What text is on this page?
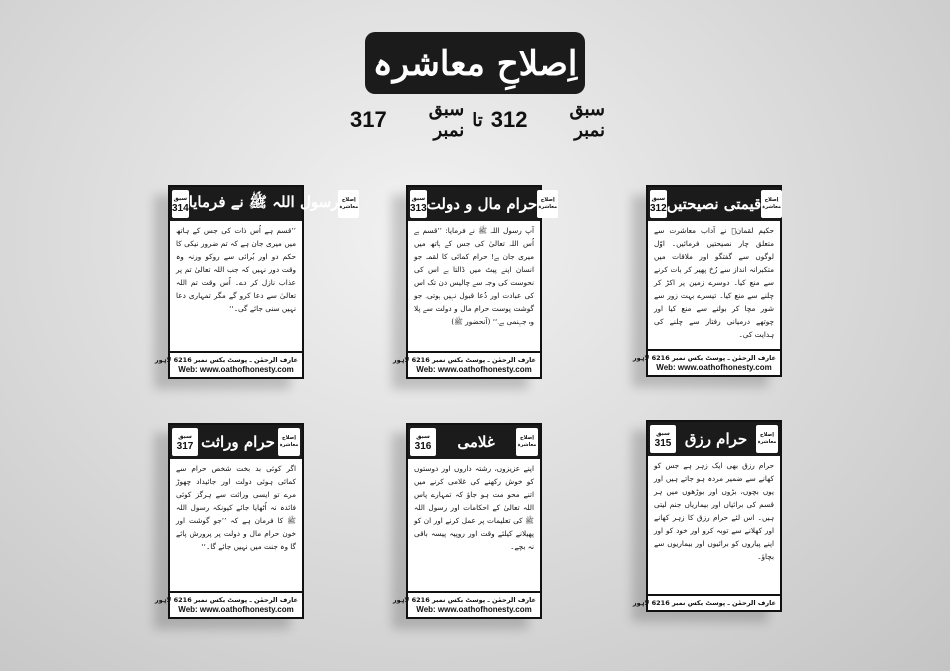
اِصلاحِ معاشرہ
سبق نمبر
312
تا
سبق نمبر
317
سبق
312 قیمتی نصیحتیں اِصلاح معاشرہ
حکیم لقمانؑ نے آداب معاشرت سے متعلق چار نصیحتیں فرمائیں۔ اوّل لوگوں سے گفتگو اور ملاقات میں متکبرانہ انداز سے رُخ پھیر کر بات کرنے سے منع کیا۔ دوسرے زمین پر اکڑ کر چلنے سے منع کیا۔ تیسرے بہت زور سے شور مچا کر بولنے سے منع کیا اور چوتھے درمیانی رفتار سے چلنے کی ہدایت کی۔
عارف الرحمٰن ـ پوسٹ بکس نمبر 6216 لاہور
Web: www.oathofhonesty.com
سبق
313 حرام مال و دولت اِصلاح معاشرہ
آپ رسول اللہ ﷺ نے فرمایا: ’’قسم ہے اُس اللہ تعالیٰ کی جس کے ہاتھ میں میری جان ہے! حرام کمائی کا لقمہ جو انسان اپنے پیٹ میں ڈالتا ہے اس کی نحوست کی وجہ سے چالیس دن تک اس کی عبادت اور دُعا قبول نہیں ہوتی۔ جو گوشت پوست حرام مال و دولت سے پلا وہ جہنمی ہے۔‘‘ (آنحضور ﷺ)
عارف الرحمٰن ـ پوسٹ بکس نمبر 6216 لاہور
Web: www.oathofhonesty.com
سبق
314 رسول اللہ ﷺ نے فرمایا اِصلاح معاشرہ
’’قسم ہے اُس ذات کی جس کے ہاتھ میں میری جان ہے کہ تم ضرور نیکی کا حکم دو اور بُرائی سے روکو ورنہ وہ وقت دور نہیں کہ جب اللہ تعالیٰ تم پر عذاب نازل کر دے۔ اُس وقت تم اللہ تعالیٰ سے دعا کرو گے مگر تمہاری دعا نہیں سنی جائے گی۔‘‘
عارف الرحمٰن ـ پوسٹ بکس نمبر 6216 لاہور
Web: www.oathofhonesty.com
سبق
315 حرام رزق	اِصلاح معاشرہ
حرام رزق بھی ایک زہر ہے جس کو کھانے سے ضمیر مردہ ہو جاتے ہیں اور یوں بچوں، بڑوں اور بوڑھوں میں ہر قسم کی برائیاں اور بیماریاں جنم لیتی ہیں۔ اس لئے حرام رزق کا زہر کھانے اور کھلانے سے توبہ کرو اور خود کو اور اپنے پیاروں کو برائیوں اور بیماریوں سے بچاؤ۔
عارف الرحمٰن ـ پوسٹ بکس نمبر 6216 لاہور
سبق
316	غلامی	اِصلاح معاشرہ
اپنے عزیزوں، رشتہ داروں اور دوستوں کو خوش رکھنے کی غلامی کرنے میں اتنے محو مت ہو جاؤ کہ تمہارے پاس اللہ تعالیٰ کے احکامات اور رسول اللہ ﷺ کی تعلیمات پر عمل کرنے اور ان کو پھیلانے کیلئے وقت اور روپیہ پیسہ باقی نہ بچے۔
عارف الرحمٰن ـ پوسٹ بکس نمبر 6216 لاہور
Web: www.oathofhonesty.com
سبق
317 حرام وراثت	اِصلاح معاشرہ
اگر کوئی بد بخت شخص حرام سے کمائی ہوئی دولت اور جائیداد چھوڑ مرے تو ایسی وراثت سے ہرگز کوئی فائدہ نہ اُٹھایا جائے کیونکہ رسول اللہ ﷺ کا فرمان ہے کہ ’’جو گوشت اور خون حرام مال و دولت پر پرورش پائے گا وہ جنت میں نہیں جائے گا۔‘‘
عارف الرحمٰن ـ پوسٹ بکس نمبر 6216 لاہور
Web: www.oathofhonesty.com
